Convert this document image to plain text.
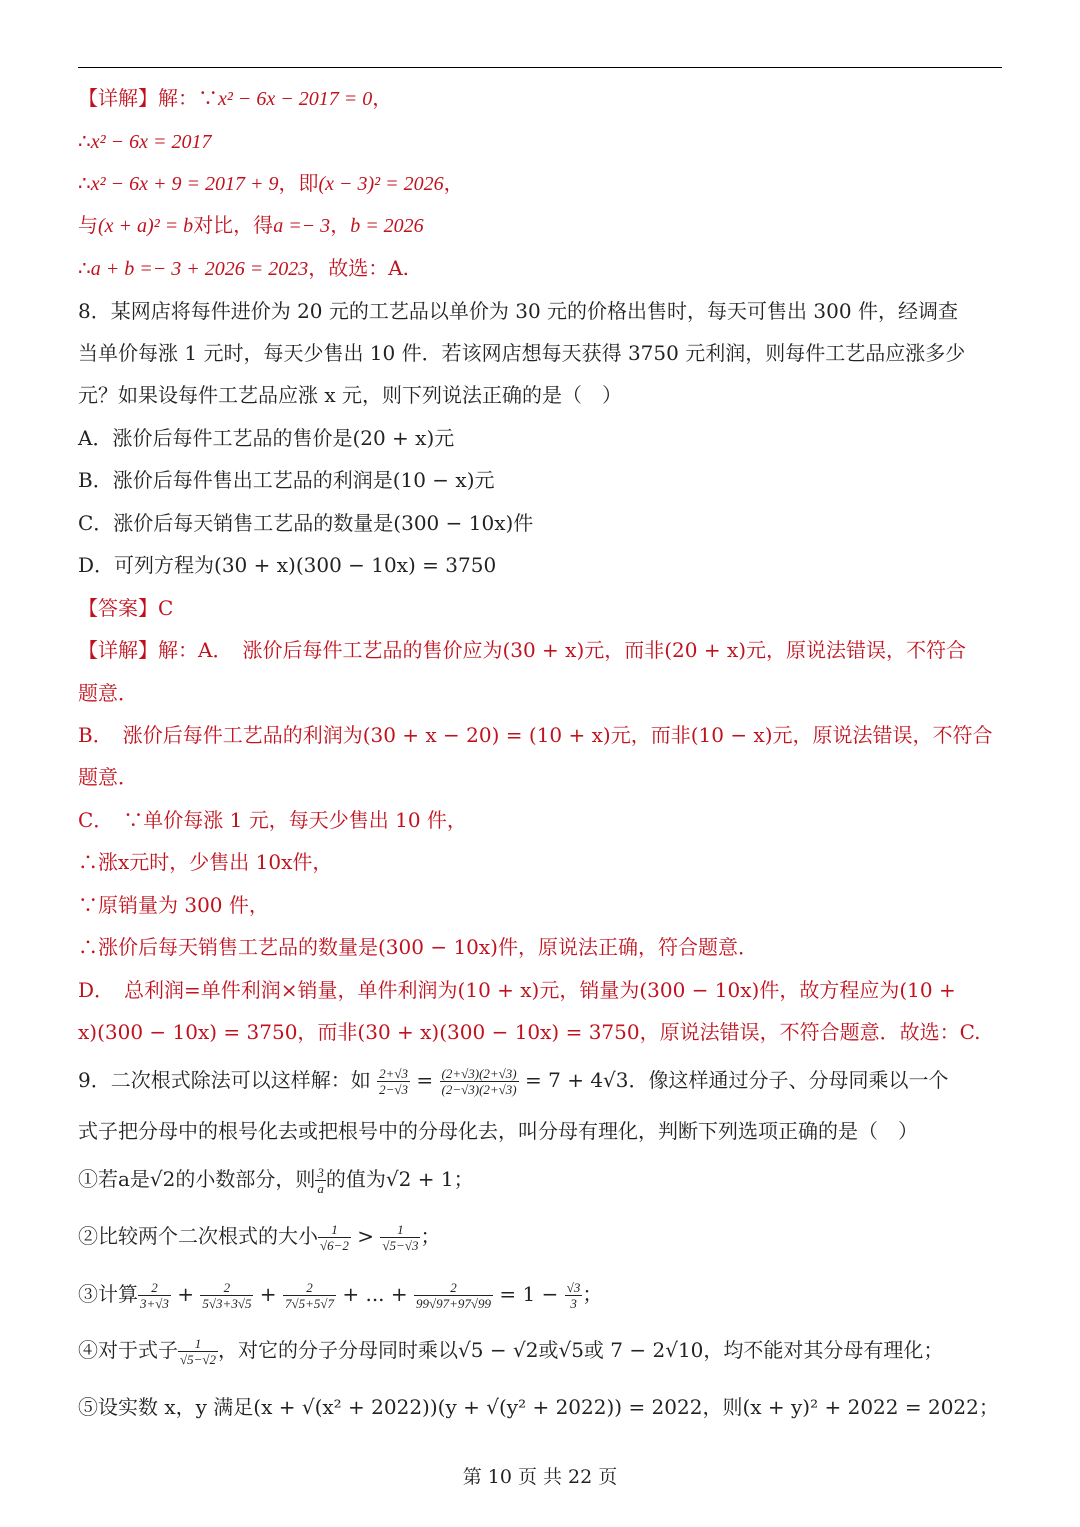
【详解】解：∵x² − 6x − 2017 = 0，
∴x² − 6x = 2017
∴x² − 6x + 9 = 2017 + 9，即(x − 3)² = 2026，
与(x + a)² = b对比，得a =− 3，b = 2026
∴a + b =− 3 + 2026 = 2023，故选：A.
8．某网店将每件进价为 20 元的工艺品以单价为 30 元的价格出售时，每天可售出 300 件，经调查
当单价每涨 1 元时，每天少售出 10 件．若该网店想每天获得 3750 元利润，则每件工艺品应涨多少
元？如果设每件工艺品应涨 x 元，则下列说法正确的是（　）
A．涨价后每件工艺品的售价是(20 + x)元
B．涨价后每件售出工艺品的利润是(10 − x)元
C．涨价后每天销售工艺品的数量是(300 − 10x)件
D．可列方程为(30 + x)(300 − 10x) = 3750
【答案】C
【详解】解：A．　涨价后每件工艺品的售价应为(30 + x)元，而非(20 + x)元，原说法错误，不符合
题意．
B．　涨价后每件工艺品的利润为(30 + x − 20) = (10 + x)元，而非(10 − x)元，原说法错误，不符合
题意．
C．　∵单价每涨 1 元，每天少售出 10 件，
∴涨x元时，少售出 10x件，
∵原销量为 300 件，
∴涨价后每天销售工艺品的数量是(300 − 10x)件，原说法正确，符合题意．
D．　总利润=单件利润×销量，单件利润为(10 + x)元，销量为(300 − 10x)件，故方程应为(10 +
x)(300 − 10x) = 3750，而非(30 + x)(300 − 10x) = 3750，原说法错误，不符合题意．故选：C.
9．二次根式除法可以这样解：如 $\frac{2+√3}{2-√3} = \frac{(2+√3)(2+√3)}{(2-√3)(2+√3)} = 7 + 4√3$．像这样通过分子、分母同乘以一个
式子把分母中的根号化去或把根号中的分母化去，叫分母有理化，判断下列选项正确的是（　）
①若a是√2的小数部分，则 $\frac{3}{a}$ 的值为√2 + 1；
②比较两个二次根式的大小 $\frac{1}{√6-2} > \frac{1}{√5-√3}$ ；
③计算 $\frac{2}{3+√3} + \frac{2}{5√3+3√5} + \frac{2}{7√5+5√7}$ + ... + $\frac{2}{99√97+97√99} = 1 - \frac{√3}{3}$ ；
④对于式子 $\frac{1}{√5-√2}$ ，对它的分子分母同时乘以√5 − √2或√5或 7 − 2√10，均不能对其分母有理化；
⑤设实数 x，y 满足(x + √(x² + 2022))(y + √(y² + 2022)) = 2022，则(x + y)² + 2022 = 2022；
第 10 页 共 22 页
